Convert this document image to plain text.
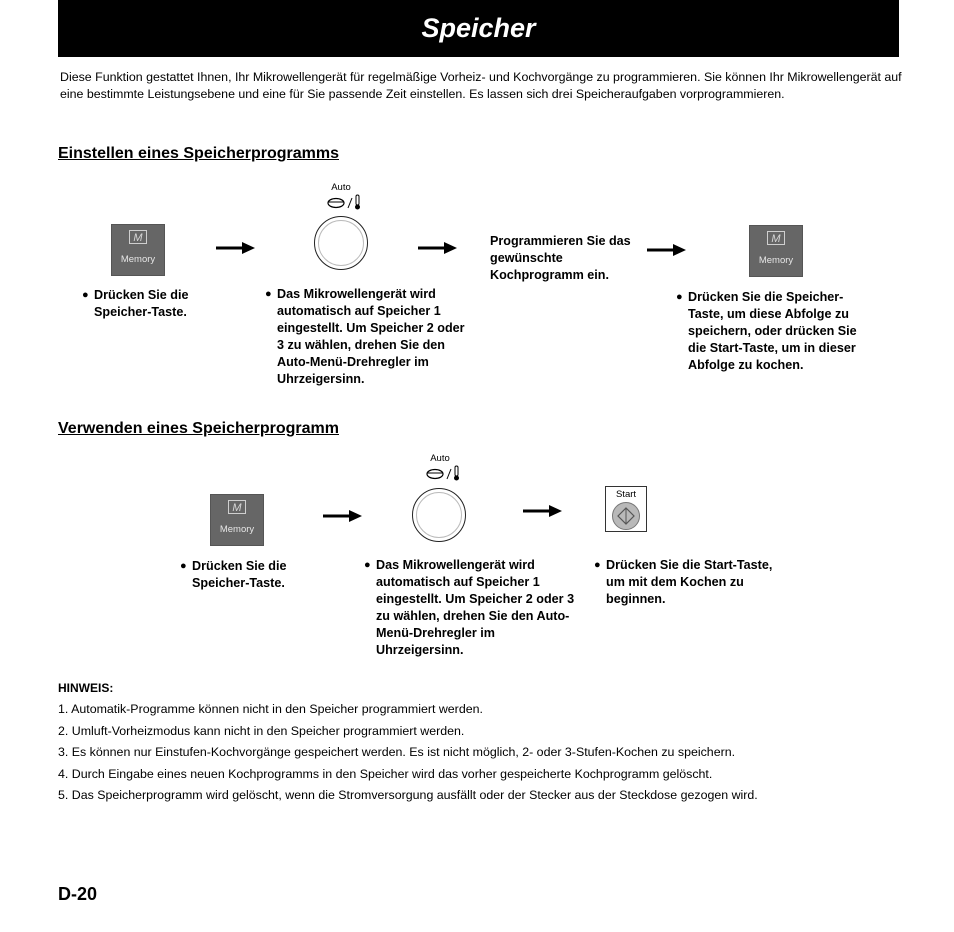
Speicher
Diese Funktion gestattet Ihnen, Ihr Mikrowellengerät für regelmäßige Vorheiz- und Kochvorgänge zu programmieren. Sie können Ihr Mikrowellengerät auf eine bestimmte Leistungsebene und eine für Sie passende Zeit einstellen. Es lassen sich drei Speicheraufgaben vorprogrammieren.
Einstellen eines Speicherprogramms
M
Memory
Auto
Programmieren Sie das gewünschte Kochprogramm ein.
M
Memory
● Drücken Sie die Speicher-Taste.
● Das Mikrowellengerät wird automatisch auf Speicher 1 eingestellt. Um Speicher 2 oder 3 zu wählen, drehen Sie den Auto-Menü-Drehregler im Uhrzeigersinn.
● Drücken Sie die Speicher-Taste, um diese Abfolge zu speichern, oder drücken Sie die Start-Taste, um in dieser Abfolge zu kochen.
Verwenden eines Speicherprogramm
M
Memory
Auto
Start
● Drücken Sie die Speicher-Taste.
● Das Mikrowellengerät wird automatisch auf Speicher 1 eingestellt. Um Speicher 2 oder 3 zu wählen, drehen Sie den Auto-Menü-Drehregler im Uhrzeigersinn.
● Drücken Sie die Start-Taste, um mit dem Kochen zu beginnen.
HINWEIS:
1. Automatik-Programme können nicht in den Speicher programmiert werden.
2. Umluft-Vorheizmodus kann nicht in den Speicher programmiert werden.
3. Es können nur Einstufen-Kochvorgänge gespeichert werden. Es ist nicht möglich, 2- oder 3-Stufen-Kochen zu speichern.
4. Durch Eingabe eines neuen Kochprogramms in den Speicher wird das vorher gespeicherte Kochprogramm gelöscht.
5. Das Speicherprogramm wird gelöscht, wenn die Stromversorgung ausfällt oder der Stecker aus der Steckdose gezogen wird.
D-20
